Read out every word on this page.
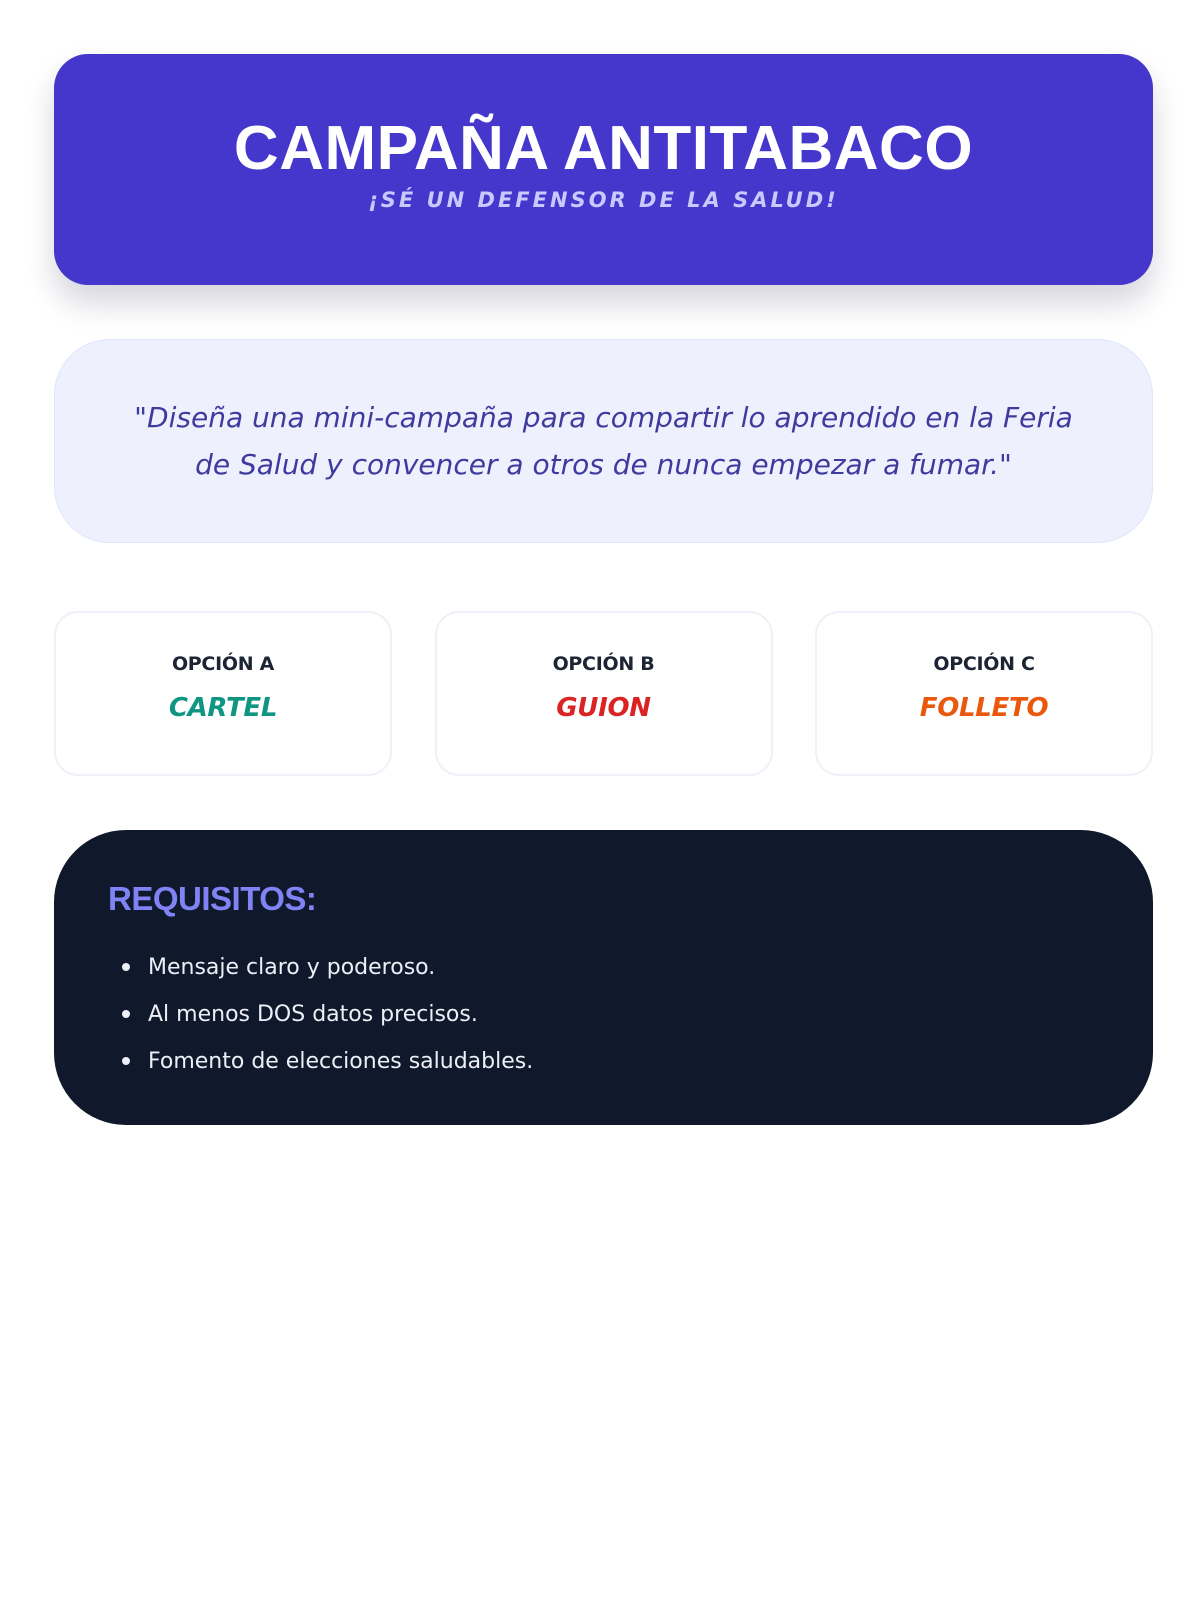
CAMPAÑA ANTITABACO
¡SÉ UN DEFENSOR DE LA SALUD!

"Diseña una mini-campaña para compartir lo aprendido en la Feria de Salud y convencer a otros de nunca empezar a fumar."

OPCIÓN A
CARTEL
OPCIÓN B
GUION
OPCIÓN C
FOLLETO
REQUISITOS:
Mensaje claro y poderoso.
Al menos DOS datos precisos.
Fomento de elecciones saludables.
